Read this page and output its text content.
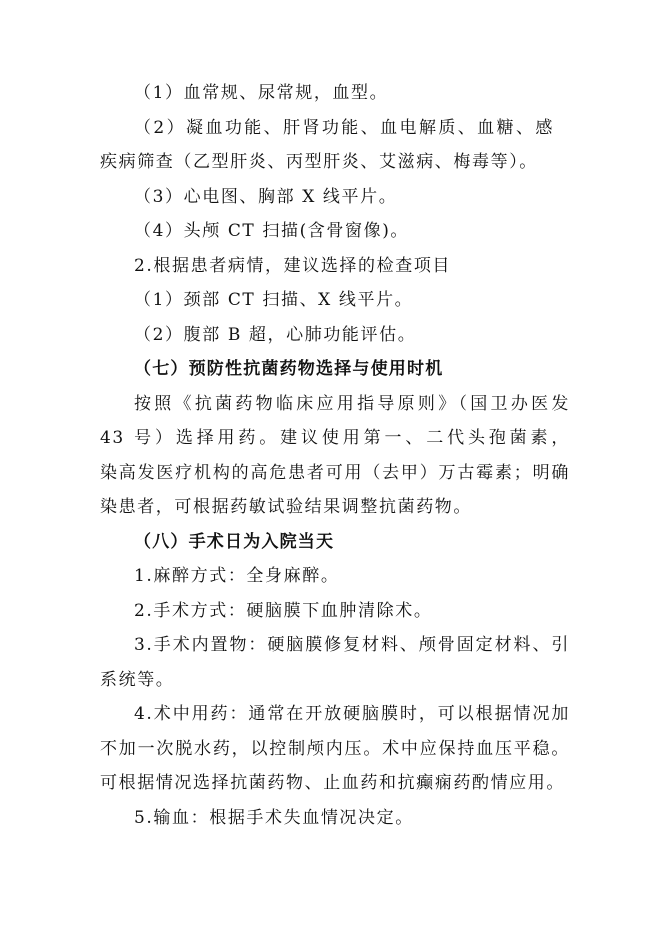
（1）血常规、尿常规，血型。
（2）凝血功能、肝肾功能、血电解质、血糖、感
疾病筛查（乙型肝炎、丙型肝炎、艾滋病、梅毒等）。
（3）心电图、胸部 X 线平片。
（4）头颅 CT 扫描(含骨窗像)。
2.根据患者病情，建议选择的检查项目
（1）颈部 CT 扫描、X 线平片。
（2）腹部 B 超，心肺功能评估。
（七）预防性抗菌药物选择与使用时机
按照《抗菌药物临床应用指导原则》（国卫办医发
43 号）选择用药。建议使用第一、二代头孢菌素，
染高发医疗机构的高危患者可用（去甲）万古霉素；明确
染患者，可根据药敏试验结果调整抗菌药物。
（八）手术日为入院当天
1.麻醉方式：全身麻醉。
2.手术方式：硬脑膜下血肿清除术。
3.手术内置物：硬脑膜修复材料、颅骨固定材料、引
系统等。
4.术中用药：通常在开放硬脑膜时，可以根据情况加
不加一次脱水药，以控制颅内压。术中应保持血压平稳。
可根据情况选择抗菌药物、止血药和抗癫痫药酌情应用。
5.输血：根据手术失血情况决定。
